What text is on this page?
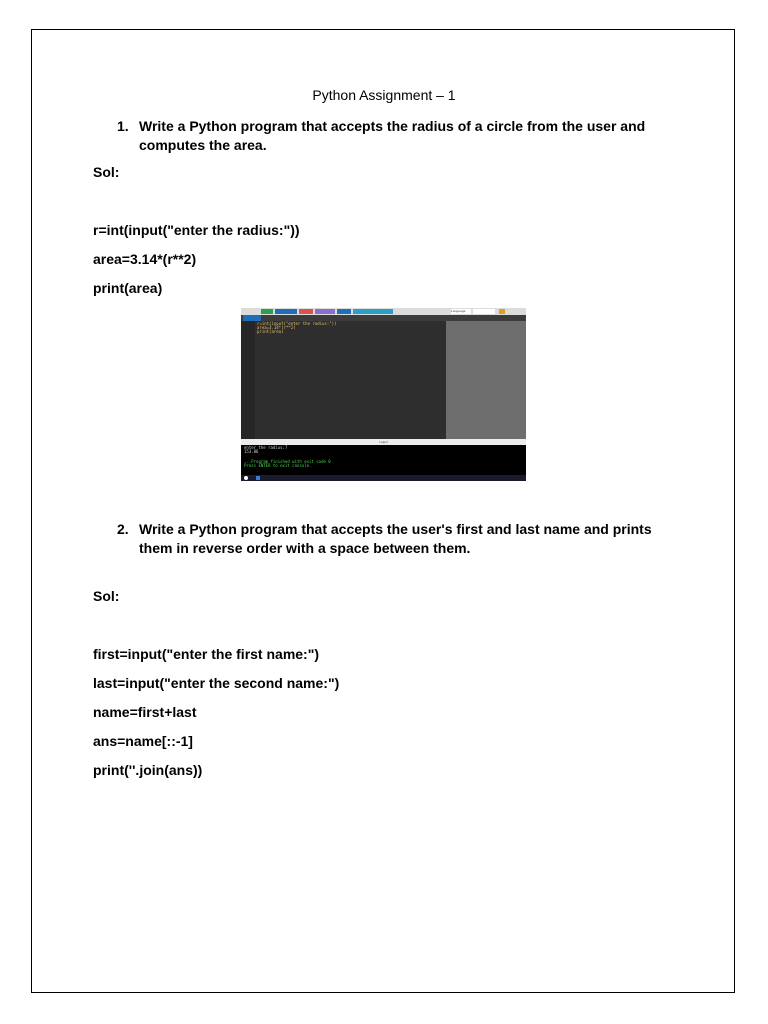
Python Assignment – 1
1. Write a Python program that accepts the radius of a circle from the user and computes the area.
Sol:
r=int(input("enter the radius:"))
area=3.14*(r**2)
print(area)
Language
r=int(input("enter the radius:"))
area=3.14*(r**2)
print(area)
input
enter the radius:7
153.86
...Program finished with exit code 0
Press ENTER to exit console.
2. Write a Python program that accepts the user's first and last name and prints them in reverse order with a space between them.
Sol:
first=input("enter the first name:")
last=input("enter the second name:")
name=first+last
ans=name[::-1]
print(''.join(ans))
